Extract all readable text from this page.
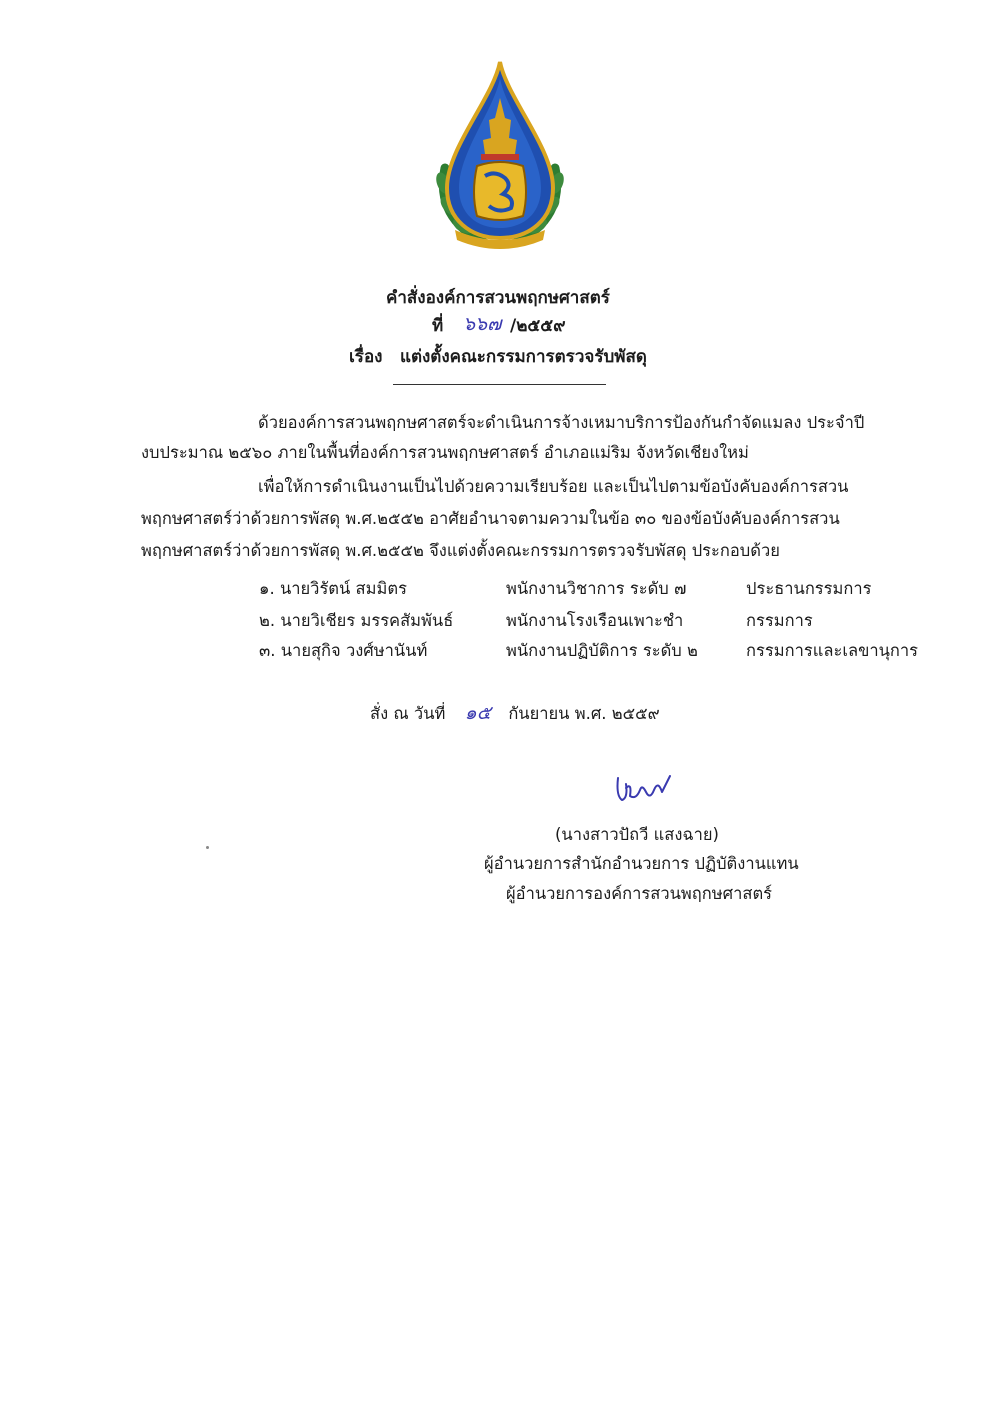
คำสั่งองค์การสวนพฤกษศาสตร์
ที่ ๖๖๗ /๒๕๕๙
เรื่อง แต่งตั้งคณะกรรมการตรวจรับพัสดุ
ด้วยองค์การสวนพฤกษศาสตร์จะดำเนินการจ้างเหมาบริการป้องกันกำจัดแมลง ประจำปี
งบประมาณ ๒๕๖๐ ภายในพื้นที่องค์การสวนพฤกษศาสตร์ อำเภอแม่ริม จังหวัดเชียงใหม่
เพื่อให้การดำเนินงานเป็นไปด้วยความเรียบร้อย และเป็นไปตามข้อบังคับองค์การสวน
พฤกษศาสตร์ว่าด้วยการพัสดุ พ.ศ.๒๕๕๒ อาศัยอำนาจตามความในข้อ ๓๐ ของข้อบังคับองค์การสวน
พฤกษศาสตร์ว่าด้วยการพัสดุ พ.ศ.๒๕๕๒ จึงแต่งตั้งคณะกรรมการตรวจรับพัสดุ ประกอบด้วย
๑. นายวิรัตน์ สมมิตร	พนักงานวิชาการ ระดับ ๗	ประธานกรรมการ
๒. นายวิเชียร มรรคสัมพันธ์	พนักงานโรงเรือนเพาะชำ	กรรมการ
๓. นายสุกิจ วงศ์ษานันท์	พนักงานปฏิบัติการ ระดับ ๒	กรรมการและเลขานุการ
สั่ง ณ วันที่ ๑๕ กันยายน พ.ศ. ๒๕๕๙
(นางสาวปัถวี แสงฉาย)
ผู้อำนวยการสำนักอำนวยการ ปฏิบัติงานแทน
ผู้อำนวยการองค์การสวนพฤกษศาสตร์
